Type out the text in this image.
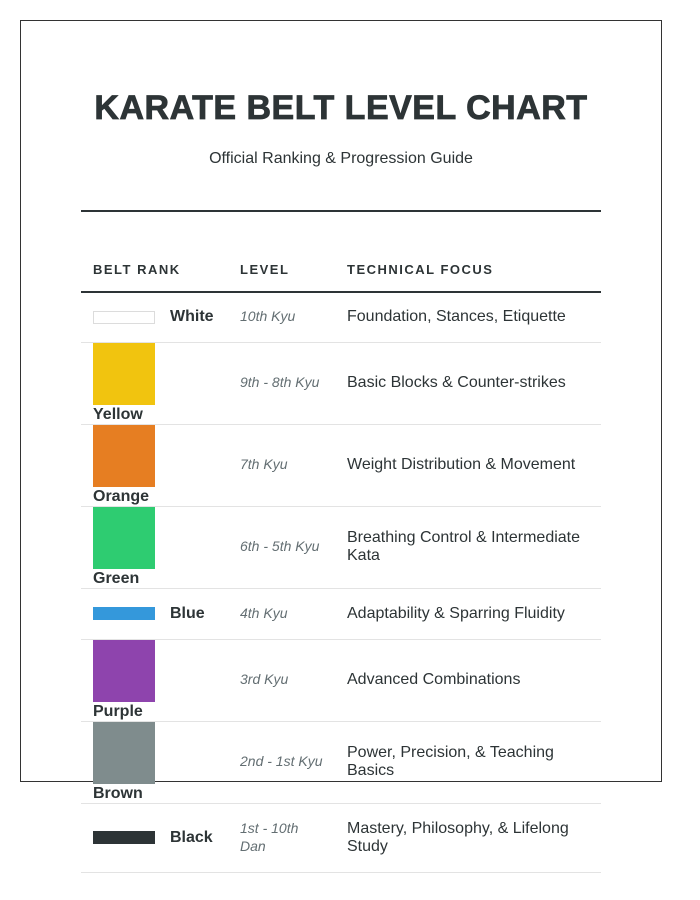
KARATE BELT LEVEL CHART

Official Ranking & Progression Guide

BELT RANK	LEVEL	TECHNICAL FOCUS

White	10th Kyu	Foundation, Stances, Etiquette

Yellow	9th - 8th Kyu	Basic Blocks & Counter-strikes

Orange	7th Kyu	Weight Distribution & Movement

Green	6th - 5th Kyu	Breathing Control & Intermediate Kata

Blue	4th Kyu	Adaptability & Sparring Fluidity

Purple	3rd Kyu	Advanced Combinations

Brown	2nd - 1st Kyu	Power, Precision, & Teaching Basics

Black	1st - 10th Dan	Mastery, Philosophy, & Lifelong Study
